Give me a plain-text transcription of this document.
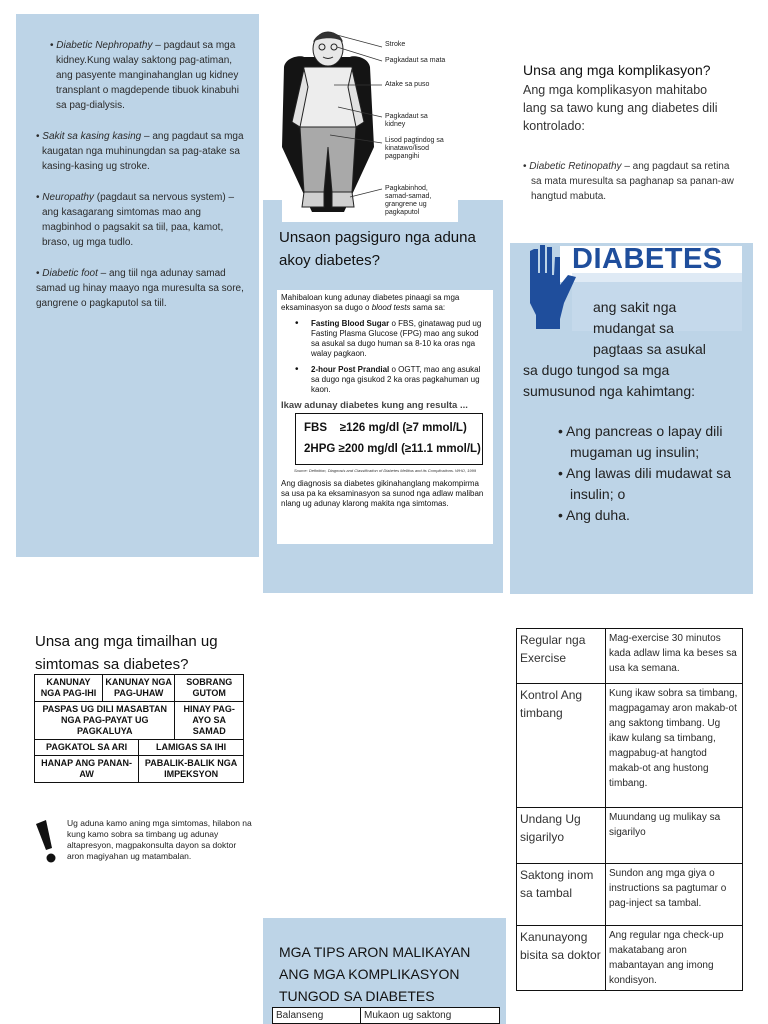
• Diabetic Nephropathy – pagdaut sa mga kidney.Kung walay saktong pag-atiman, ang pasyente manginahanglan ug kidney transplant o magdepende tibuok kinabuhi sa pag-dialysis.
• Sakit sa kasing kasing – ang pagdaut sa mga kaugatan nga muhinungdan sa pag-atake sa kasing-kasing ug stroke.
• Neuropathy (pagdaut sa nervous system) – ang kasagarang simtomas mao ang magbinhod o pagsakit sa tiil, paa, kamot, braso, ug mga tudlo.
• Diabetic foot – ang tiil nga adunay samad samad ug hinay maayo nga muresulta sa sore, gangrene o pagkaputol sa tiil.
Stroke
Pagkadaut sa mata
Atake sa puso
Pagkadaut sa kidney
Lisod pagtindog sa kinatawo/lisod pagpangihi
Pagkabinhod, samad-samad, grangrene ug pagkaputol
Unsaon pagsiguro nga aduna akoy diabetes?
Mahibaloan kung adunay diabetes pinaagi sa mga eksaminasyon sa dugo o blood tests sama sa:
• Fasting Blood Sugar o FBS, ginatawag pud ug Fasting Plasma Glucose (FPG) mao ang sukod sa asukal sa dugo human sa 8-10 ka oras nga walay pagkaon.
• 2-hour Post Prandial o OGTT, mao ang asukal sa dugo nga gisukod 2 ka oras pagkahuman ug kaon.
Ikaw adunay diabetes kung ang resulta ...
FBS    ≥126 mg/dl (≥7 mmol/L)
2HPG ≥200 mg/dl (≥11.1 mmol/L)
Source: Definition, Diagnosis and Classification of Diabetes Mellitus and its Complications. WHO, 1999
Ang diagnosis sa diabetes gikinahanglang makompirma sa usa pa ka eksaminasyon sa sunod nga adlaw maliban nlang ug adunay klarong makita nga simtomas.
Unsa ang mga komplikasyon?
Ang mga komplikasyon mahitabo lang sa tawo kung ang diabetes dili kontrolado:
• Diabetic Retinopathy – ang pagdaut sa retina sa mata muresulta sa paghanap sa panan-aw hangtud mabuta.
DIABETES
ang sakit nga mudangat sa pagtaas sa asukal
sa dugo tungod sa mga sumusunod nga kahimtang:
• Ang pancreas o lapay dili mugaman ug insulin;
• Ang lawas dili mudawat sa insulin; o
• Ang duha.
Unsa ang mga timailhan ug simtomas sa diabetes?
KANUNAY NGA PAG-IHI	KANUNAY NGA PAG-UHAW		SOBRANG GUTOM
PASPAS UG DILI MASABTAN NGA PAG-PAYAT UG PAGKALUYA			HINAY PAG-AYO SA SAMAD
PAGKATOL SA ARI		LAMIGAS SA IHI	
HANAP ANG PANAN-AW		PABALIK-BALIK NGA IMPEKSYON	
Ug aduna kamo aning mga simtomas, hilabon na kung kamo sobra sa timbang ug adunay altapresyon, magpakonsulta dayon sa doktor aron magiyahan ug matambalan.
MGA TIPS ARON MALIKAYAN ANG MGA KOMPLIKASYON TUNGOD SA DIABETES
Balanseng	Mukaon ug saktong
Regular nga Exercise	Mag-exercise 30 minutos kada adlaw lima ka beses sa usa ka semana.
Kontrol Ang timbang	Kung ikaw sobra sa timbang, magpagamay aron makab-ot ang saktong timbang. Ug ikaw kulang sa timbang, magpabug-at hangtod makab-ot ang hustong timbang.
Undang Ug sigarilyo	Muundang ug mulikay sa sigarilyo
Saktong inom sa tambal	Sundon ang mga giya o instructions sa pagtumar o pag-inject sa tambal.
Kanunayong bisita sa doktor	Ang regular nga check-up makatabang aron mabantayan ang imong kondisyon.
